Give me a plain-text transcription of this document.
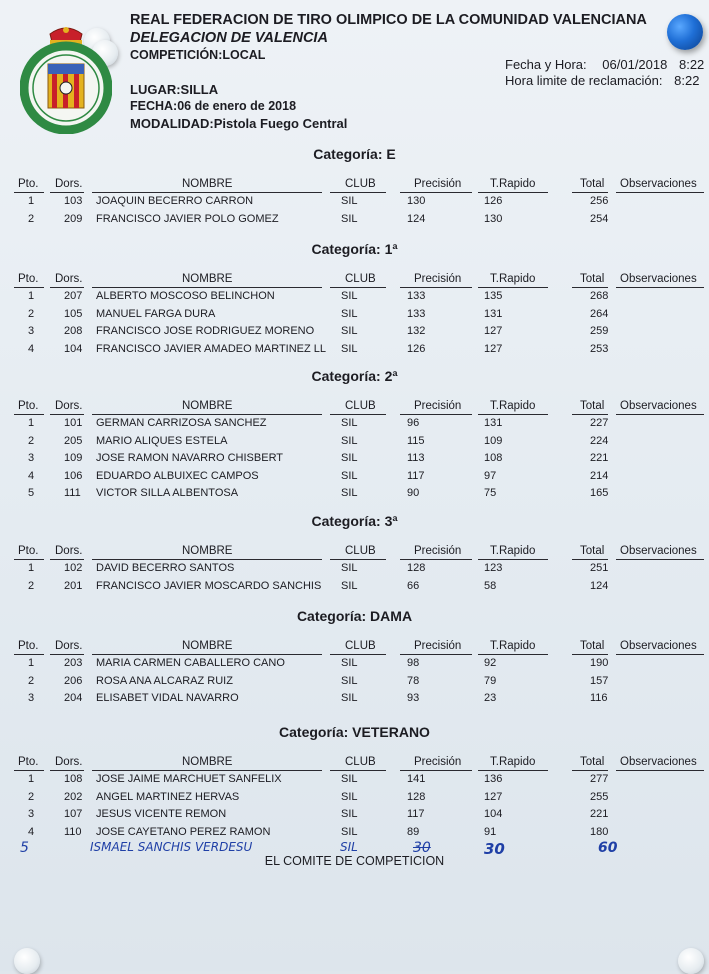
REAL FEDERACION DE TIRO OLIMPICO DE LA COMUNIDAD VALENCIANA
DELEGACION DE VALENCIA
COMPETICIÓN:LOCAL
LUGAR:SILLA
FECHA:06 de enero de 2018
MODALIDAD:Pistola Fuego Central
Fecha y Hora: 06/01/2018 8:22
Hora limite de reclamación: 8:22
Categoría: E
Pto. Dors.	NOMBRE	CLUB	Precisión T.Rapido	Total Observaciones
1	103 JOAQUIN BECERRO CARRON	SIL	130	126	256
2	209 FRANCISCO JAVIER POLO GOMEZ	SIL	124	130	254
Categoría: 1ª
Pto. Dors.	NOMBRE	CLUB	Precisión T.Rapido	Total Observaciones
1	207 ALBERTO MOSCOSO BELINCHON	SIL	133	135	268
2	105 MANUEL FARGA DURA	SIL	133	131	264
3	208 FRANCISCO JOSE RODRIGUEZ MORENO SIL	132	127	259
4	104 FRANCISCO JAVIER AMADEO MARTINEZ LL SIL	126	127	253
Categoría: 2ª
Pto. Dors.	NOMBRE	CLUB	Precisión T.Rapido	Total Observaciones
1	101 GERMAN CARRIZOSA SANCHEZ	SIL	96	131	227
2	205 MARIO ALIQUES ESTELA	SIL	115	109	224
3	109 JOSE RAMON NAVARRO CHISBERT	SIL	113	108	221
4	106 EDUARDO ALBUIXEC CAMPOS	SIL	117	97	214
5	111 VICTOR SILLA ALBENTOSA	SIL	90	75	165
Categoría: 3ª
Pto. Dors.	NOMBRE	CLUB	Precisión T.Rapido	Total Observaciones
1	102 DAVID BECERRO SANTOS	SIL	128	123	251
2	201 FRANCISCO JAVIER MOSCARDO SANCHIS SIL	66	58	124
Categoría: DAMA
Pto. Dors.	NOMBRE	CLUB	Precisión T.Rapido	Total Observaciones
1	203 MARIA CARMEN CABALLERO CANO	SIL	98	92	190
2	206 ROSA ANA ALCARAZ RUIZ	SIL	78	79	157
3	204 ELISABET VIDAL NAVARRO	SIL	93	23	116
Categoría: VETERANO
Pto. Dors.	NOMBRE	CLUB	Precisión T.Rapido	Total Observaciones
1	108 JOSE JAIME MARCHUET SANFELIX	SIL	141	136	277
2	202 ANGEL MARTINEZ HERVAS	SIL	128	127	255
3	107 JESUS VICENTE REMON	SIL	117	104	221
4	110 JOSE CAYETANO PEREZ RAMON	SIL	89	91	180
5	ISMAEL SANCHIS VERDESU	SIL	30	30	60
EL COMITE DE COMPETICION
